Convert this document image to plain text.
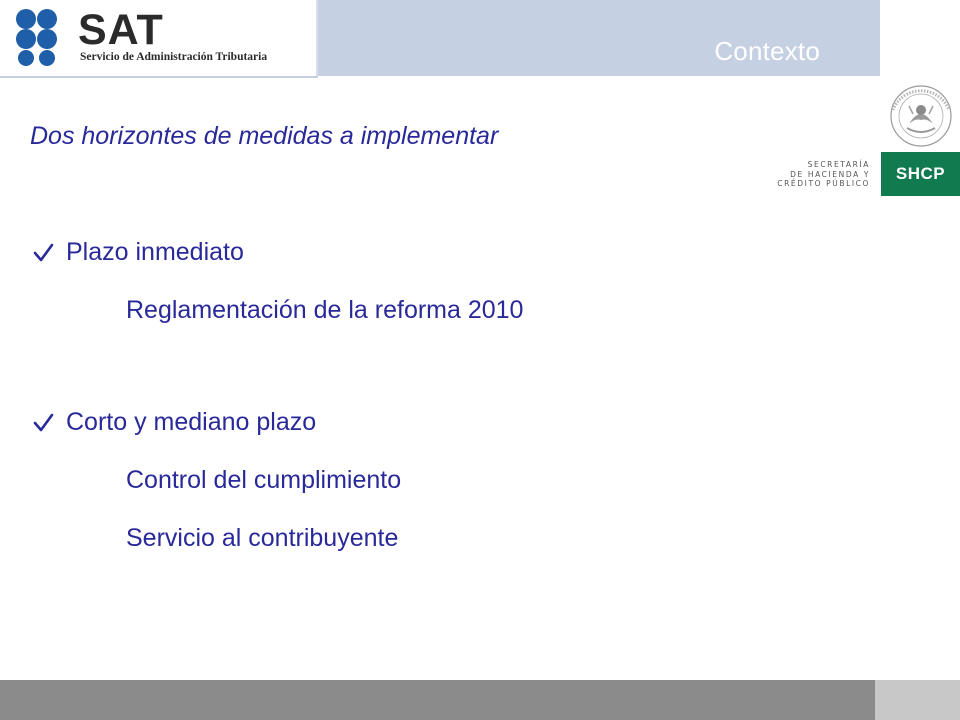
Contexto
SAT
Servicio de Administración Tributaria
SECRETARÍA
DE HACIENDA Y
CRÉDITO PÚBLICO
SHCP
Dos horizontes de medidas a implementar
Plazo inmediato
Reglamentación de la reforma 2010
Corto y mediano plazo
Control del cumplimiento
Servicio al contribuyente
